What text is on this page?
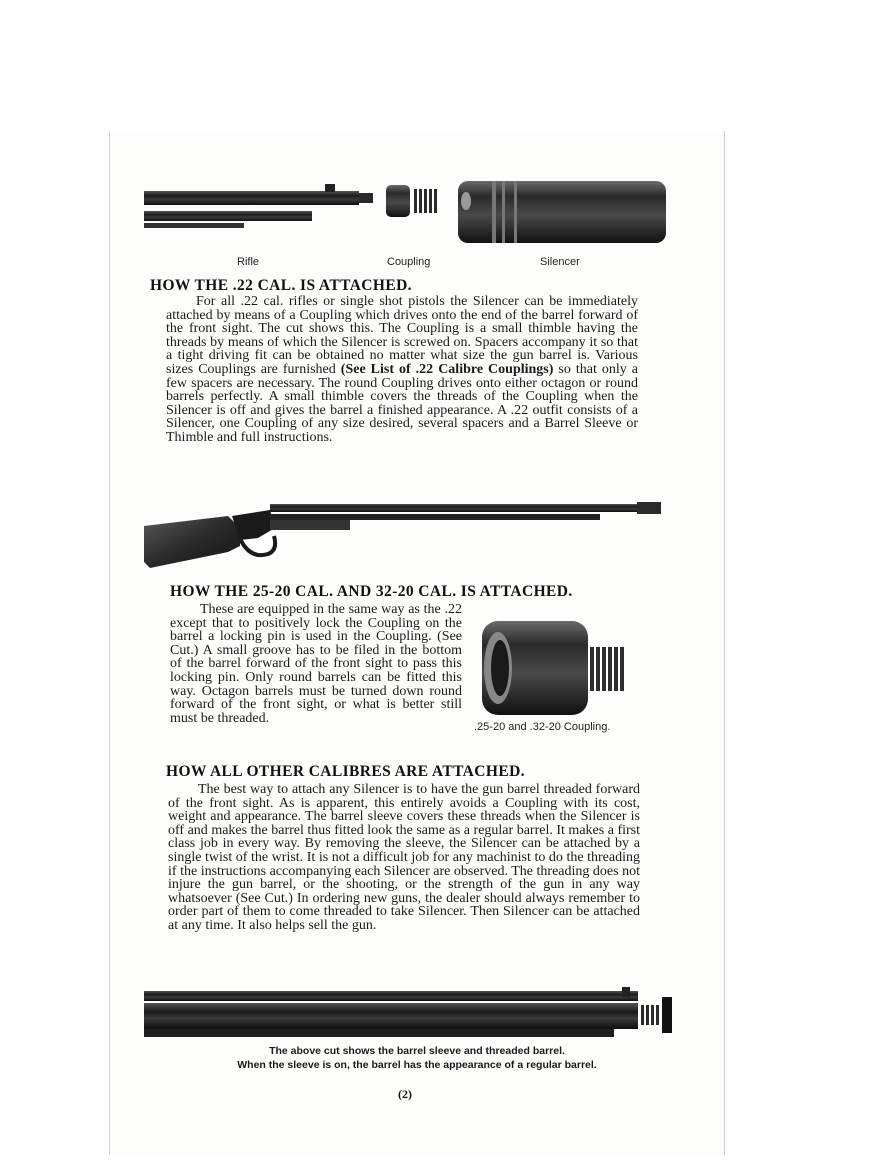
Rifle	Coupling	Silencer
HOW THE .22 CAL. IS ATTACHED.
For all .22 cal. rifles or single shot pistols the Silencer can be immediately attached by means of a Coupling which drives onto the end of the barrel forward of the front sight. The cut shows this. The Coupling is a small thimble having the threads by means of which the Silencer is screwed on. Spacers accompany it so that a tight driving fit can be obtained no matter what size the gun barrel is. Various sizes Couplings are furnished (See List of .22 Calibre Couplings) so that only a few spacers are necessary. The round Coupling drives onto either octagon or round barrels perfectly. A small thimble covers the threads of the Coupling when the Silencer is off and gives the barrel a finished appearance. A .22 outfit consists of a Silencer, one Coupling of any size desired, several spacers and a Barrel Sleeve or Thimble and full instructions.
HOW THE 25-20 CAL. AND 32-20 CAL. IS ATTACHED.
These are equipped in the same way as the .22 except that to positively lock the Coupling on the barrel a locking pin is used in the Coupling. (See Cut.) A small groove has to be filed in the bottom of the barrel forward of the front sight to pass this locking pin. Only round barrels can be fitted this way. Octagon barrels must be turned down round forward of the front sight, or what is better still must be threaded.
.25-20 and .32-20 Coupling.
HOW ALL OTHER CALIBRES ARE ATTACHED.
The best way to attach any Silencer is to have the gun barrel threaded forward of the front sight. As is apparent, this entirely avoids a Coupling with its cost, weight and appearance. The barrel sleeve covers these threads when the Silencer is off and makes the barrel thus fitted look the same as a regular barrel. It makes a first class job in every way. By removing the sleeve, the Silencer can be attached by a single twist of the wrist. It is not a difficult job for any machinist to do the threading if the instructions accompanying each Silencer are observed. The threading does not injure the gun barrel, or the shooting, or the strength of the gun in any way whatsoever (See Cut.) In ordering new guns, the dealer should always remember to order part of them to come threaded to take Silencer. Then Silencer can be attached at any time. It also helps sell the gun.
The above cut shows the barrel sleeve and threaded barrel.
When the sleeve is on, the barrel has the appearance of a regular barrel.
(2)
